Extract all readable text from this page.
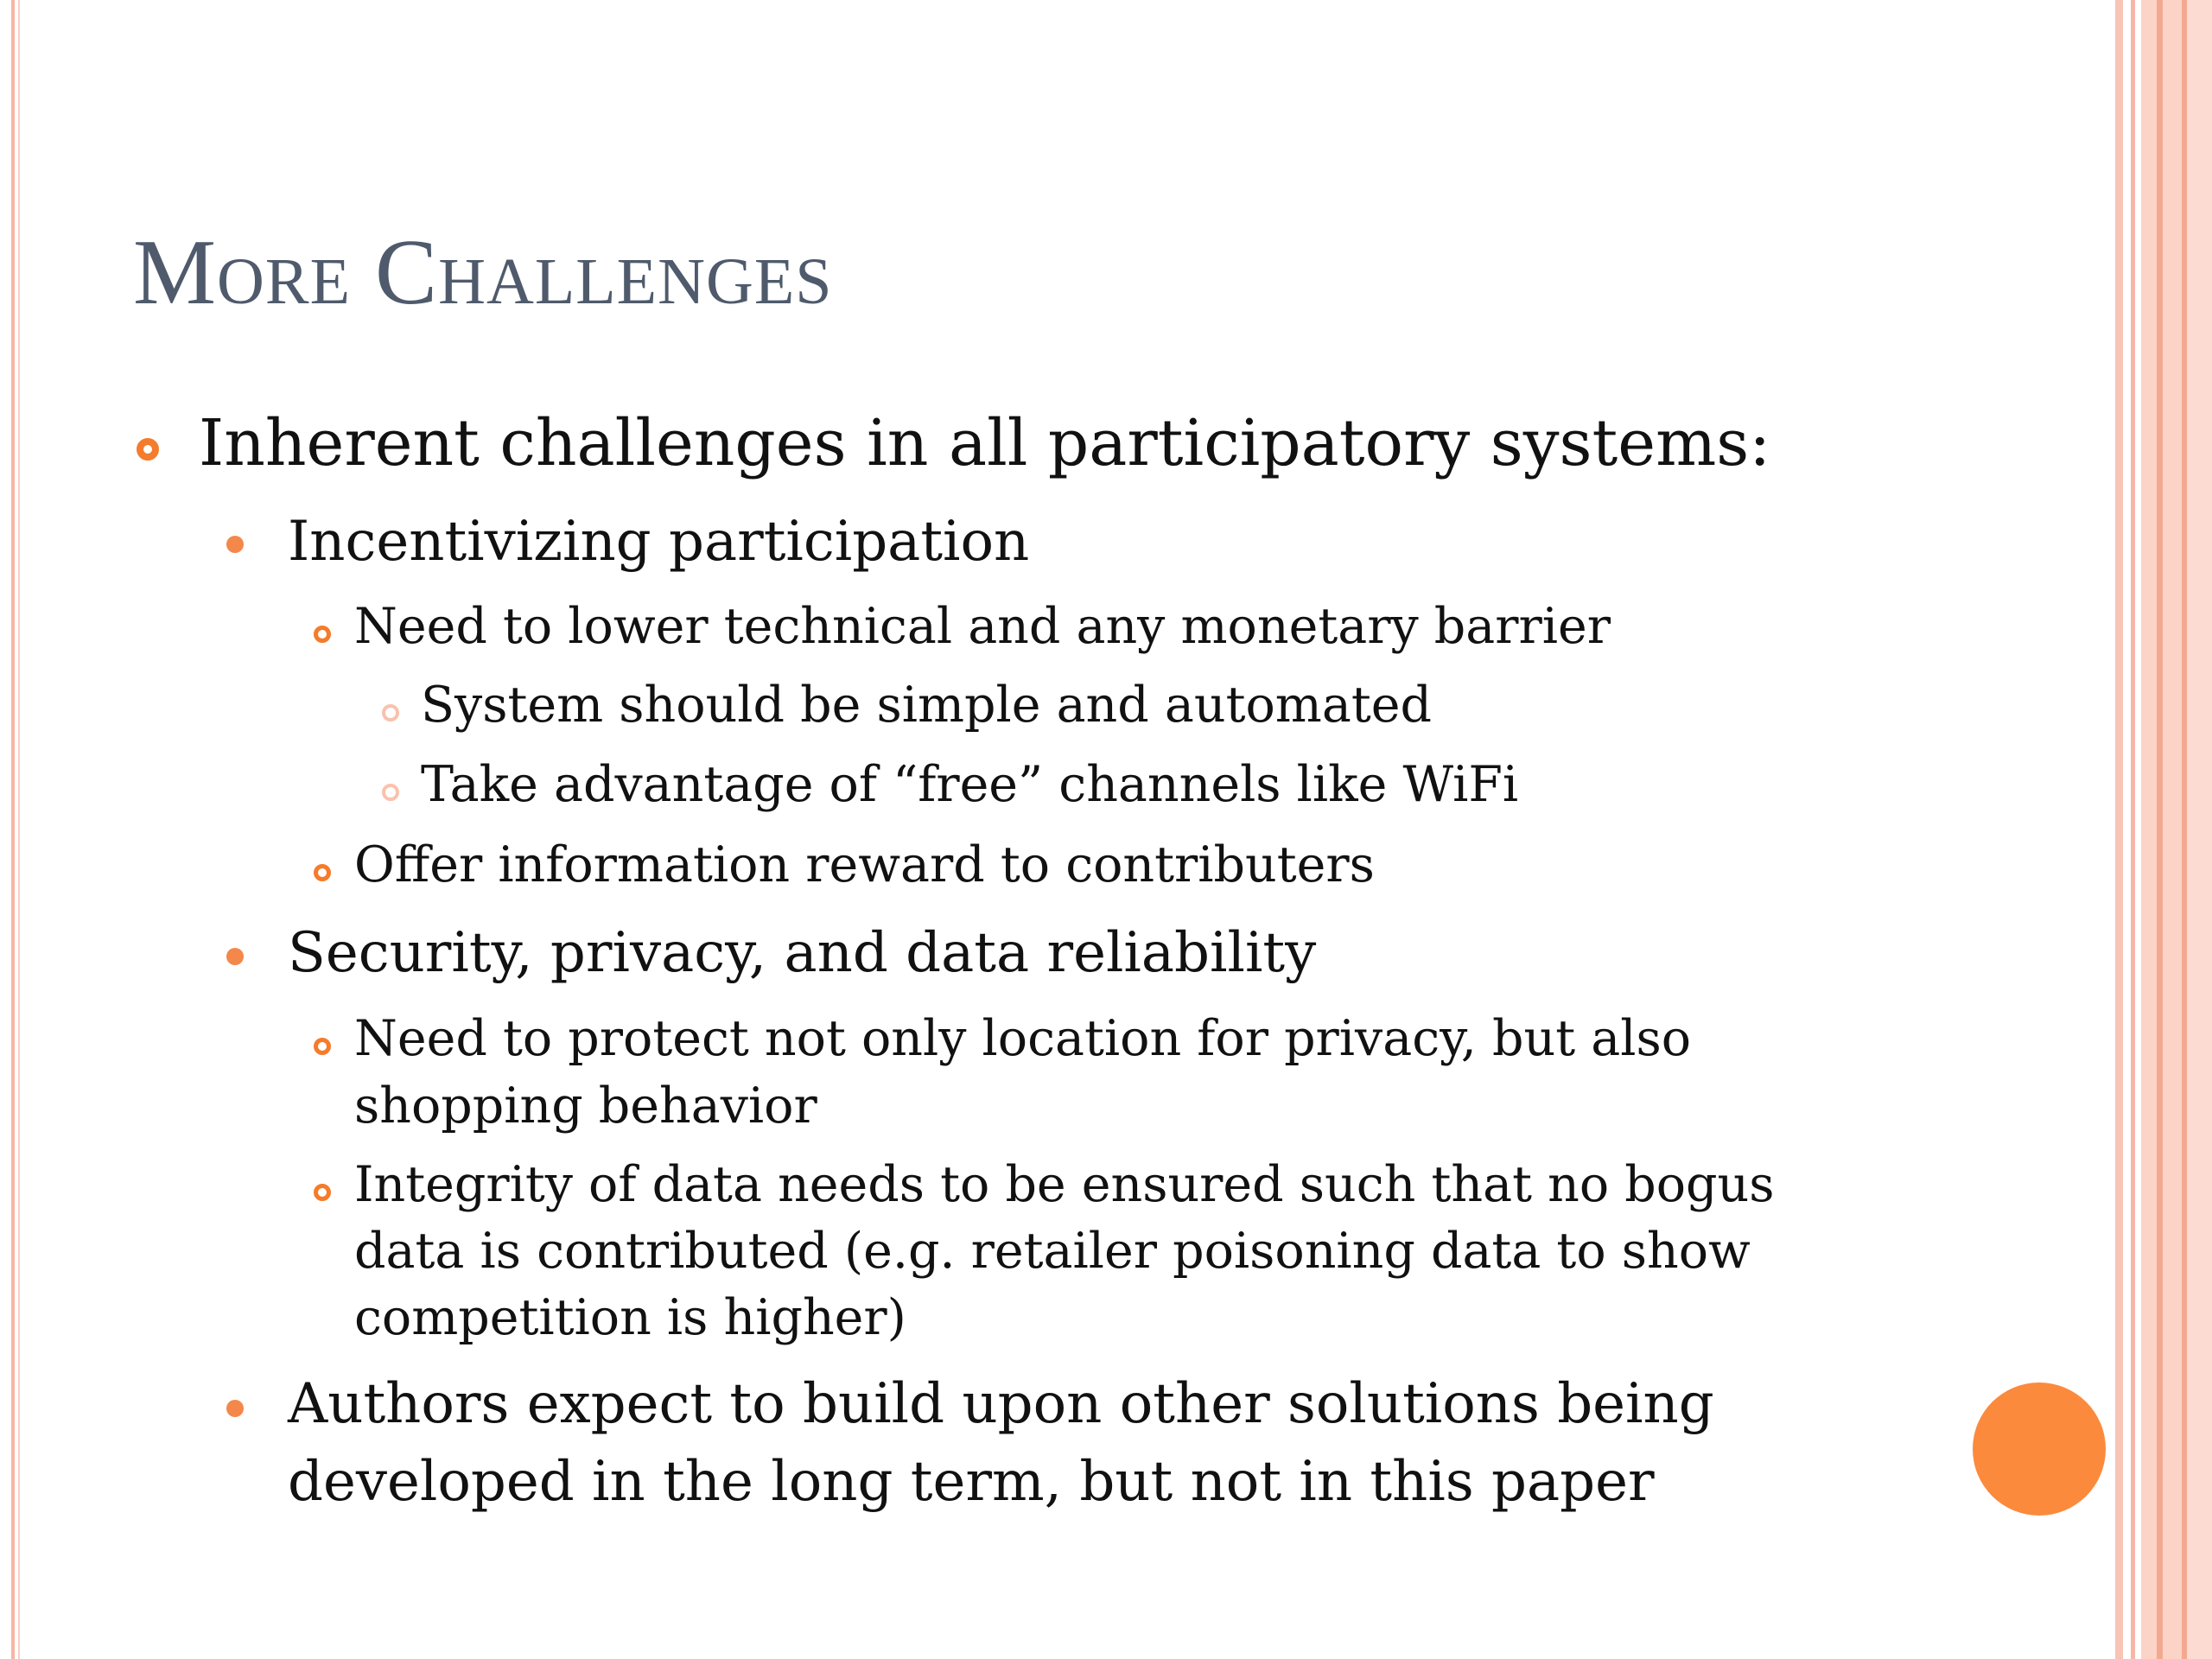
More Challenges
Inherent challenges in all participatory systems:
Incentivizing participation
Need to lower technical and any monetary barrier
System should be simple and automated
Take advantage of “free” channels like WiFi
Offer information reward to contributers
Security, privacy, and data reliability
Need to protect not only location for privacy, but also
shopping behavior
Integrity of data needs to be ensured such that no bogus
data is contributed (e.g. retailer poisoning data to show
competition is higher)
Authors expect to build upon other solutions being
developed in the long term, but not in this paper
